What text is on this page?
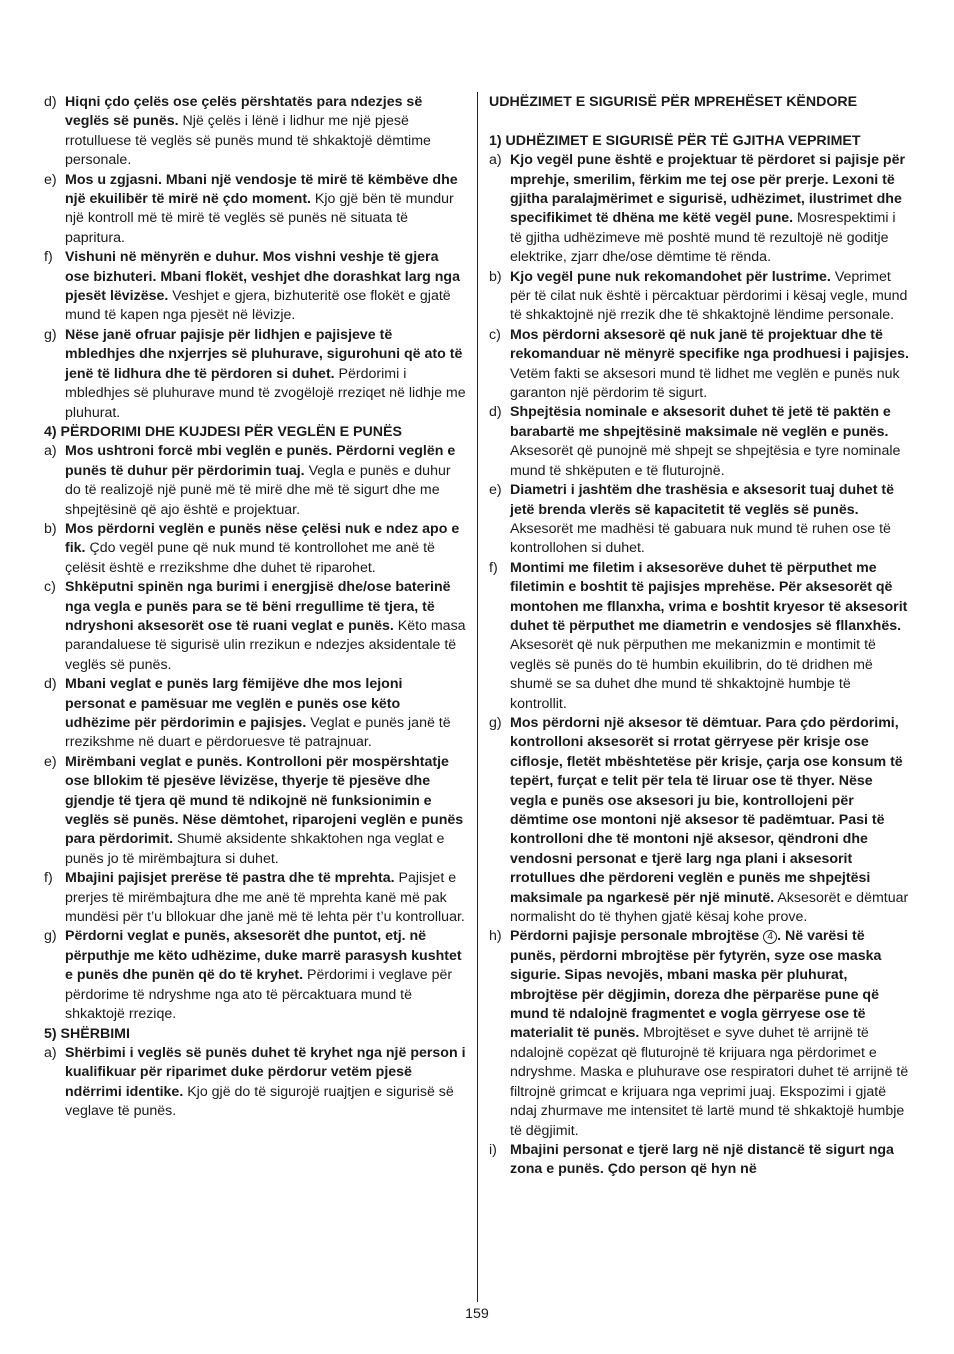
d) Hiqni çdo çelës ose çelës përshtatës para ndezjes së veglës së punës. Një çelës i lënë i lidhur me një pjesë rrotulluese të veglës së punës mund të shkaktojë dëmtime personale.
e) Mos u zgjasni. Mbani një vendosje të mirë të këmbëve dhe një ekuilibër të mirë në çdo moment. Kjo gjë bën të mundur një kontroll më të mirë të veglës së punës në situata të papritura.
f) Vishuni në mënyrën e duhur. Mos vishni veshje të gjera ose bizhuteri. Mbani flokët, veshjet dhe dorashkat larg nga pjesët lëvizëse. Veshjet e gjera, bizhuteritë ose flokët e gjatë mund të kapen nga pjesët në lëvizje.
g) Nëse janë ofruar pajisje për lidhjen e pajisjeve të mbledhjes dhe nxjerrjes së pluhurave, sigurohuni që ato të jenë të lidhura dhe të përdoren si duhet. Përdorimi i mbledhjes së pluhurave mund të zvogëlojë rreziqet në lidhje me pluhurat.
4) PËRDORIMI DHE KUJDESI PËR VEGLËN E PUNËS
a) Mos ushtroni forcë mbi veglën e punës. Përdorni veglën e punës të duhur për përdorimin tuaj. Vegla e punës e duhur do të realizojë një punë më të mirë dhe më të sigurt dhe me shpejtësinë që ajo është e projektuar.
b) Mos përdorni veglën e punës nëse çelësi nuk e ndez apo e fik. Çdo vegël pune që nuk mund të kontrollohet me anë të çelësit është e rrezikshme dhe duhet të riparohet.
c) Shkëputni spinën nga burimi i energjisë dhe/ose baterinë nga vegla e punës para se të bëni rregullime të tjera, të ndryshoni aksesorët ose të ruani veglat e punës. Këto masa parandaluese të sigurisë ulin rrezikun e ndezjes aksidentale të veglës së punës.
d) Mbani veglat e punës larg fëmijëve dhe mos lejoni personat e pamësuar me veglën e punës ose këto udhëzime për përdorimin e pajisjes. Veglat e punës janë të rrezikshme në duart e përdoruesve të patrajnuar.
e) Mirëmbani veglat e punës. Kontrolloni për mospërshtatje ose bllokim të pjesëve lëvizëse, thyerje të pjesëve dhe gjendje të tjera që mund të ndikojnë në funksionimin e veglës së punës. Nëse dëmtohet, riparojeni veglën e punës para përdorimit. Shumë aksidente shkaktohen nga veglat e punës jo të mirëmbajtura si duhet.
f) Mbajini pajisjet prerëse të pastra dhe të mprehta. Pajisjet e prerjes të mirëmbajtura dhe me anë të mprehta kanë më pak mundësi për t’u bllokuar dhe janë më të lehta për t’u kontrolluar.
g) Përdorni veglat e punës, aksesorët dhe puntot, etj. në përputhje me këto udhëzime, duke marrë parasysh kushtet e punës dhe punën që do të kryhet. Përdorimi i veglave për përdorime të ndryshme nga ato të përcaktuara mund të shkaktojë rreziqe.
5) SHËRBIMI
a) Shërbimi i veglës së punës duhet të kryhet nga një person i kualifikuar për riparimet duke përdorur vetëm pjesë ndërrimi identike. Kjo gjë do të sigurojë ruajtjen e sigurisë së veglave të punës.
UDHËZIMET E SIGURISË PËR MPREHËSET KËNDORE
1) UDHËZIMET E SIGURISË PËR TË GJITHA VEPRIMET
a) Kjo vegël pune është e projektuar të përdoret si pajisje për mprehje, smerilim, fërkim me tej ose për prerje. Lexoni të gjitha paralajmërimet e sigurisë, udhëzimet, ilustrimet dhe specifikimet të dhëna me këtë vegël pune. Mosrespektimi i të gjitha udhëzimeve më poshtë mund të rezultojë në goditje elektrike, zjarr dhe/ose dëmtime të rënda.
b) Kjo vegël pune nuk rekomandohet për lustrime. Veprimet për të cilat nuk është i përcaktuar përdorimi i kësaj vegle, mund të shkaktojnë një rrezik dhe të shkaktojnë lëndime personale.
c) Mos përdorni aksesorë që nuk janë të projektuar dhe të rekomanduar në mënyrë specifike nga prodhuesi i pajisjes. Vetëm fakti se aksesori mund të lidhet me veglën e punës nuk garanton një përdorim të sigurt.
d) Shpejtësia nominale e aksesorit duhet të jetë të paktën e barabartë me shpejtësinë maksimale në veglën e punës. Aksesorët që punojnë më shpejt se shpejtësia e tyre nominale mund të shkëputen e të fluturojnë.
e) Diametri i jashtëm dhe trashësia e aksesorit tuaj duhet të jetë brenda vlerës së kapacitetit të veglës së punës. Aksesorët me madhësi të gabuara nuk mund të ruhen ose të kontrollohen si duhet.
f) Montimi me filetim i aksesorëve duhet të përputhet me filetimin e boshtit të pajisjes mprehëse. Për aksesorët që montohen me fllanxha, vrima e boshtit kryesor të aksesorit duhet të përputhet me diametrin e vendosjes së fllanxhës. Aksesorët që nuk përputhen me mekanizmin e montimit të veglës së punës do të humbin ekuilibrin, do të dridhen më shumë se sa duhet dhe mund të shkaktojnë humbje të kontrollit.
g) Mos përdorni një aksesor të dëmtuar. Para çdo përdorimi, kontrolloni aksesorët si rrotat gërryese për krisje ose ciflosje, fletët mbështetëse për krisje, çarja ose konsum të tepërt, furçat e telit për tela të liruar ose të thyer. Nëse vegla e punës ose aksesori ju bie, kontrollojeni për dëmtime ose montoni një aksesor të padëmtuar. Pasi të kontrolloni dhe të montoni një aksesor, qëndroni dhe vendosni personat e tjerë larg nga plani i aksesorit rrotullues dhe përdoreni veglën e punës me shpejtësi maksimale pa ngarkesë për një minutë. Aksesorët e dëmtuar normalisht do të thyhen gjatë kësaj kohe prove.
h) Përdorni pajisje personale mbrojtëse 4 . Në varësi të punës, përdorni mbrojtëse për fytyrën, syze ose maska sigurie. Sipas nevojës, mbani maska për pluhurat, mbrojtëse për dëgjimin, doreza dhe përparëse pune që mund të ndalojnë fragmentet e vogla gërryese ose të materialit të punës. Mbrojtëset e syve duhet të arrijnë të ndalojnë copëzat që fluturojnë të krijuara nga përdorimet e ndryshme. Maska e pluhurave ose respiratori duhet të arrijnë të filtrojnë grimcat e krijuara nga veprimi juaj. Ekspozimi i gjatë ndaj zhurmave me intensitet të lartë mund të shkaktojë humbje të dëgjimit.
i) Mbajini personat e tjerë larg në një distancë të sigurt nga zona e punës. Çdo person që hyn në
159
